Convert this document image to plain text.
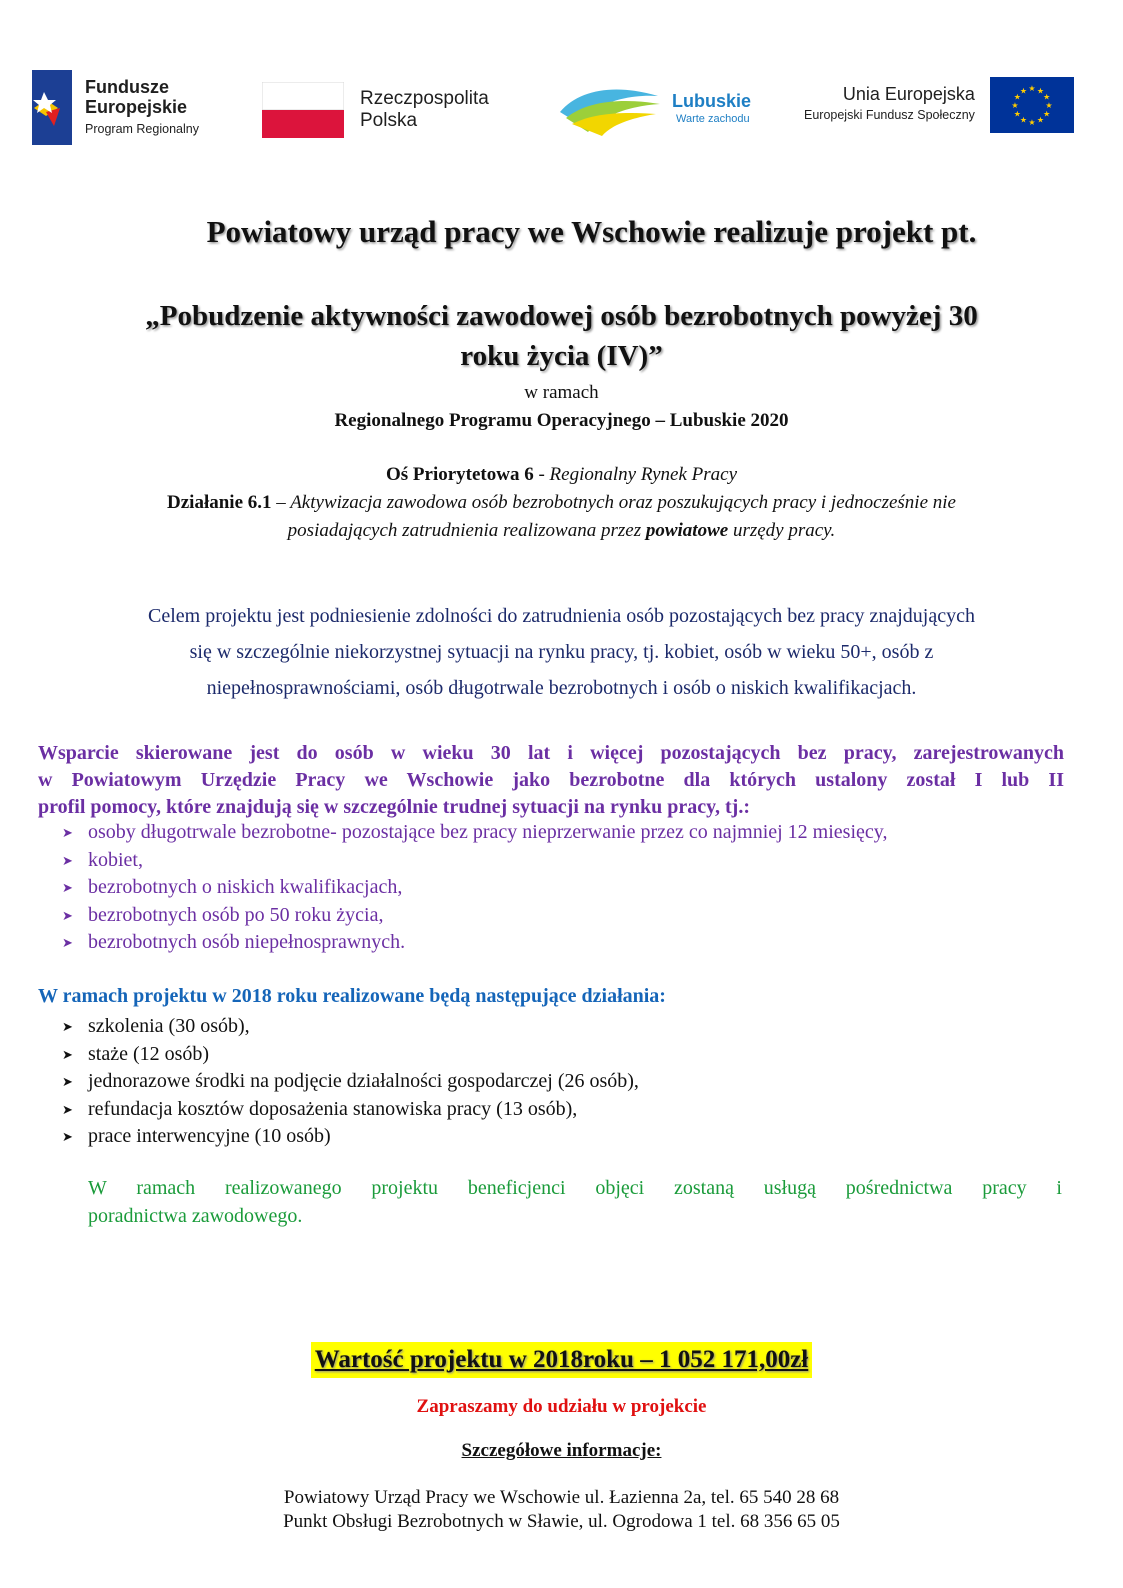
Fundusze
Europejskie
Program Regionalny
Rzeczpospolita
Polska
Lubuskie
Warte zachodu
Unia Europejska
Europejski Fundusz Społeczny
★ ★
★
★
★
★
★
★
★
★
★
★
Powiatowy urząd pracy we Wschowie realizuje projekt pt.
„Pobudzenie aktywności zawodowej osób bezrobotnych powyżej 30
roku życia (IV)”
w ramach
Regionalnego Programu Operacyjnego – Lubuskie 2020
Oś Priorytetowa 6 - Regionalny Rynek Pracy
Działanie 6.1 – Aktywizacja zawodowa osób bezrobotnych oraz poszukujących pracy i jednocześnie nie
posiadających zatrudnienia realizowana przez powiatowe urzędy pracy.
Celem projektu jest podniesienie zdolności do zatrudnienia osób pozostających bez pracy znajdujących
się w szczególnie niekorzystnej sytuacji na rynku pracy, tj. kobiet, osób w wieku 50+, osób z
niepełnosprawnościami, osób długotrwale bezrobotnych i osób o niskich kwalifikacjach.
Wsparcie skierowane jest do osób w wieku 30 lat i więcej pozostających bez pracy, zarejestrowanych
w Powiatowym Urzędzie Pracy we Wschowie jako bezrobotne dla których ustalony został I lub II
profil pomocy, które znajdują się w szczególnie trudnej sytuacji na rynku pracy, tj.:
➤ osoby długotrwale bezrobotne- pozostające bez pracy nieprzerwanie przez co najmniej 12 miesięcy,
➤ kobiet,
➤ bezrobotnych o niskich kwalifikacjach,
➤ bezrobotnych osób po 50 roku życia,
➤ bezrobotnych osób niepełnosprawnych.
W ramach projektu w 2018 roku realizowane będą następujące działania:
➤ szkolenia (30 osób),
➤ staże (12 osób)
➤ jednorazowe środki na podjęcie działalności gospodarczej (26 osób),
➤ refundacja kosztów doposażenia stanowiska pracy (13 osób),
➤ prace interwencyjne (10 osób)
W ramach realizowanego projektu beneficjenci objęci zostaną usługą pośrednictwa pracy i
poradnictwa zawodowego.
Wartość projektu w 2018roku – 1 052 171,00zł
Zapraszamy do udziału w projekcie
Szczegółowe informacje:
Powiatowy Urząd Pracy we Wschowie ul. Łazienna 2a, tel. 65 540 28 68
Punkt Obsługi Bezrobotnych w Sławie, ul. Ogrodowa 1 tel. 68 356 65 05
